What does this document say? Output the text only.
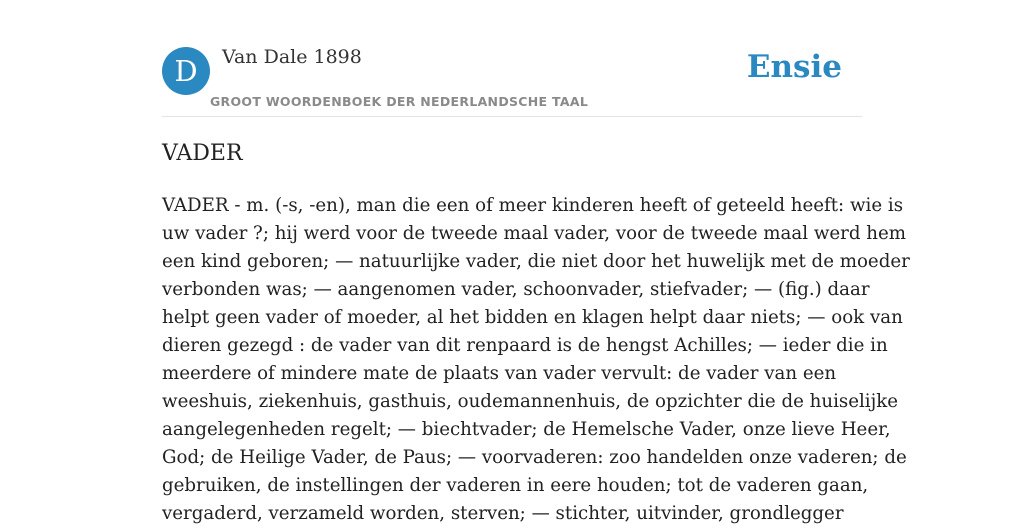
D	Van Dale 1898
GROOT WOORDENBOEK DER NEDERLANDSCHE TAAL
Ensie
VADER
VADER - m. (-s, -en), man die een of meer kinderen heeft of geteeld heeft: wie is
uw vader ?; hij werd voor de tweede maal vader, voor de tweede maal werd hem
een kind geboren; — natuurlijke vader, die niet door het huwelijk met de moeder
verbonden was; — aangenomen vader, schoonvader, stiefvader; — (fig.) daar
helpt geen vader of moeder, al het bidden en klagen helpt daar niets; — ook van
dieren gezegd : de vader van dit renpaard is de hengst Achilles; — ieder die in
meerdere of mindere mate de plaats van vader vervult: de vader van een
weeshuis, ziekenhuis, gasthuis, oudemannenhuis, de opzichter die de huiselijke
aangelegenheden regelt; — biechtvader; de Hemelsche Vader, onze lieve Heer,
God; de Heilige Vader, de Paus; — voorvaderen: zoo handelden onze vaderen; de
gebruiken, de instellingen der vaderen in eere houden; tot de vaderen gaan,
vergaderd, verzameld worden, sterven; — stichter, uitvinder, grondlegger
